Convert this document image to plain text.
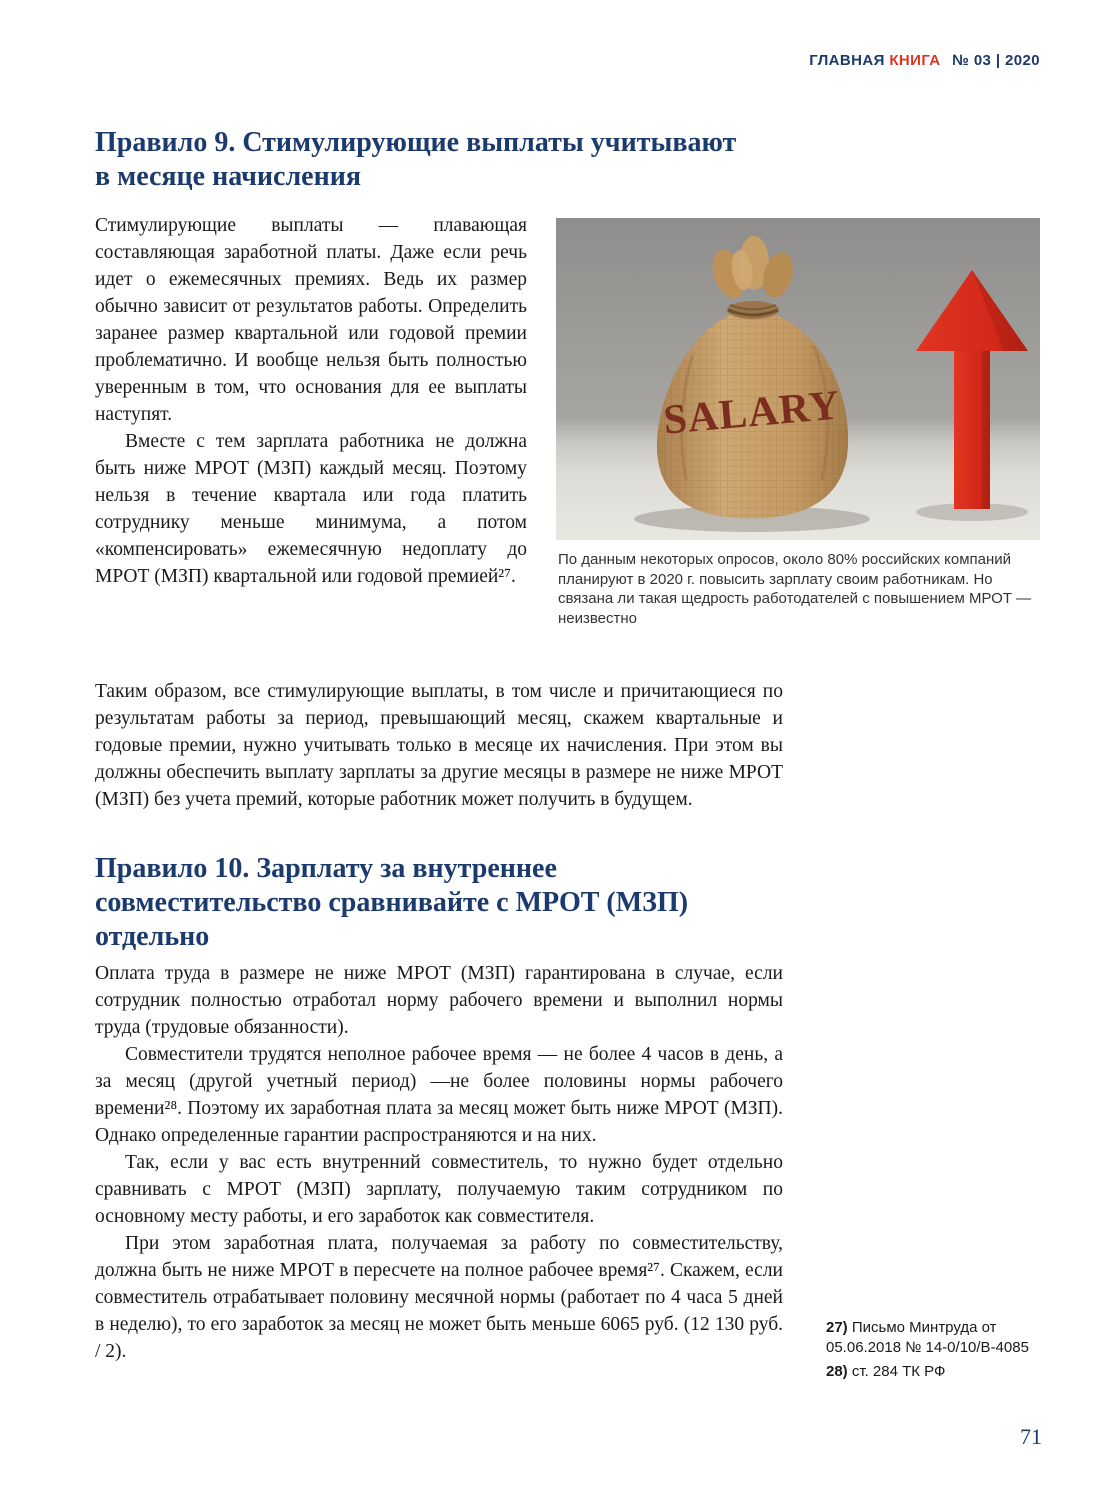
ГЛАВНАЯ КНИГА № 03 | 2020
Правило 9. Стимулирующие выплаты учитывают
в месяце начисления

Стимулирующие выплаты — плавающая составляющая заработной платы. Даже если речь идет о ежемесячных премиях. Ведь их размер обычно зависит от результатов работы. Определить заранее размер квартальной или годовой премии проблематично. И вообще нельзя быть полностью уверенным в том, что основания для ее выплаты наступят.

Вместе с тем зарплата работника не должна быть ниже МРОТ (МЗП) каждый месяц. Поэтому нельзя в течение квартала или года платить сотруднику меньше минимума, а потом «компенсировать» ежемесячную недоплату до МРОТ (МЗП) квартальной или годовой премией²⁷.

SALARY
По данным некоторых опросов, около 80% российских компаний планируют в 2020 г. повысить зарплату своим работникам. Но связана ли такая щедрость работодателей с повышением МРОТ — неизвестно

Таким образом, все стимулирующие выплаты, в том числе и причитающиеся по результатам работы за период, превышающий месяц, скажем квартальные и годовые премии, нужно учитывать только в месяце их начисления. При этом вы должны обеспечить выплату зарплаты за другие месяцы в размере не ниже МРОТ (МЗП) без учета премий, которые работник может получить в будущем.

Правило 10. Зарплату за внутреннее
совместительство сравнивайте с МРОТ (МЗП)
отдельно

Оплата труда в размере не ниже МРОТ (МЗП) гарантирована в случае, если сотрудник полностью отработал норму рабочего времени и выполнил нормы труда (трудовые обязанности).

Совместители трудятся неполное рабочее время — не более 4 часов в день, а за месяц (другой учетный период) —не более половины нормы рабочего времени²⁸. Поэтому их заработная плата за месяц может быть ниже МРОТ (МЗП). Однако определенные гарантии распространяются и на них.

Так, если у вас есть внутренний совместитель, то нужно будет отдельно сравнивать с МРОТ (МЗП) зарплату, получаемую таким сотрудником по основному месту работы, и его заработок как совместителя.

При этом заработная плата, получаемая за работу по совместительству, должна быть не ниже МРОТ в пересчете на полное рабочее время²⁷. Скажем, если совместитель отрабатывает половину месячной нормы (работает по 4 часа 5 дней в неделю), то его заработок за месяц не может быть меньше 6065 руб. (12 130 руб. / 2).

27) Письмо Минтруда от 05.06.2018 № 14-0/10/В-4085

28) ст. 284 ТК РФ

71
